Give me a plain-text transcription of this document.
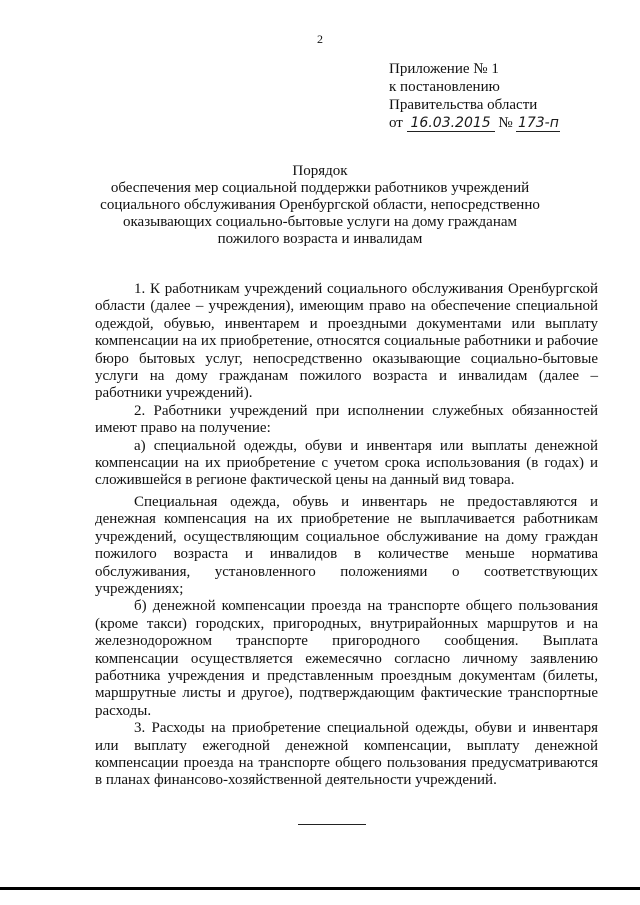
2
Приложение № 1
к постановлению
Правительства области
от 16.03.2015 № 173-п
Порядок
обеспечения мер социальной поддержки работников учреждений
социального обслуживания Оренбургской области, непосредственно
оказывающих социально-бытовые услуги на дому гражданам
пожилого возраста и инвалидам

1. К работникам учреждений социального обслуживания Оренбургской области (далее – учреждения), имеющим право на обеспечение специальной одеждой, обувью, инвентарем и проездными документами или выплату компенсации на их приобретение, относятся социальные работники и рабочие бюро бытовых услуг, непосредственно оказывающие социально-бытовые услуги на дому гражданам пожилого возраста и инвалидам (далее – работники учреждений).

2. Работники учреждений при исполнении служебных обязанностей имеют право на получение:

а) специальной одежды, обуви и инвентаря или выплаты денежной компенсации на их приобретение с учетом срока использования (в годах) и сложившейся в регионе фактической цены на данный вид товара.

Специальная одежда, обувь и инвентарь не предоставляются и денежная компенсация на их приобретение не выплачивается работникам учреждений, осуществляющим социальное обслуживание на дому граждан пожилого возраста и инвалидов в количестве меньше норматива обслуживания, установленного положениями о соответствующих учреждениях;

б) денежной компенсации проезда на транспорте общего пользования (кроме такси) городских, пригородных, внутрирайонных маршрутов и на железнодорожном транспорте пригородного сообщения. Выплата компенсации осуществляется ежемесячно согласно личному заявлению работника учреждения и представленным проездным документам (билеты, маршрутные листы и другое), подтверждающим фактические транспортные расходы.

3. Расходы на приобретение специальной одежды, обуви и инвентаря или выплату ежегодной денежной компенсации, выплату денежной компенсации проезда на транспорте общего пользования предусматриваются в планах финансово-хозяйственной деятельности учреждений.
